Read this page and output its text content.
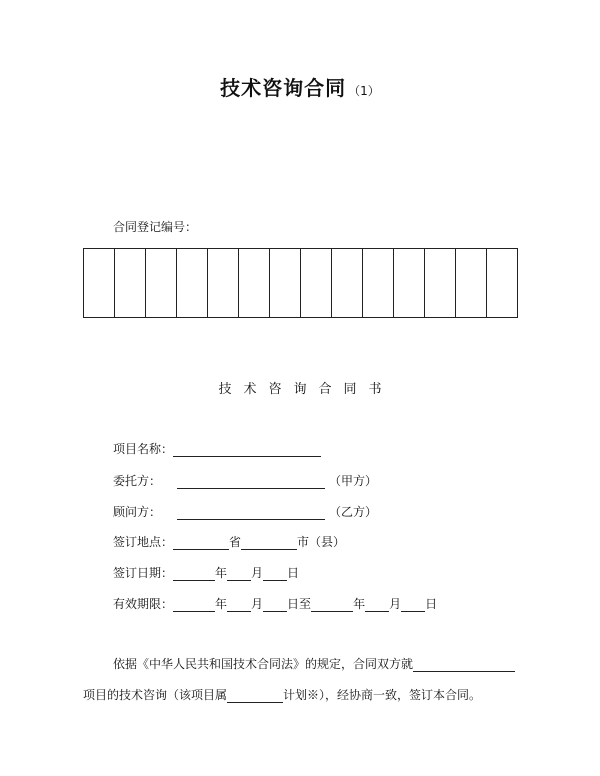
技术咨询合同 （1）
合同登记编号：
技术咨询合同书
项目名称：
委托方：	（甲方）
顾问方：	（乙方）
签订地点：	省	市（县）
签订日期：	年 月 日
有效期限：	年 月 日至	年 月 日
依据《中华人民共和国技术合同法》的规定，合同双方就
项目的技术咨询（该项目属	计划※），经协商一致，签订本合同。
